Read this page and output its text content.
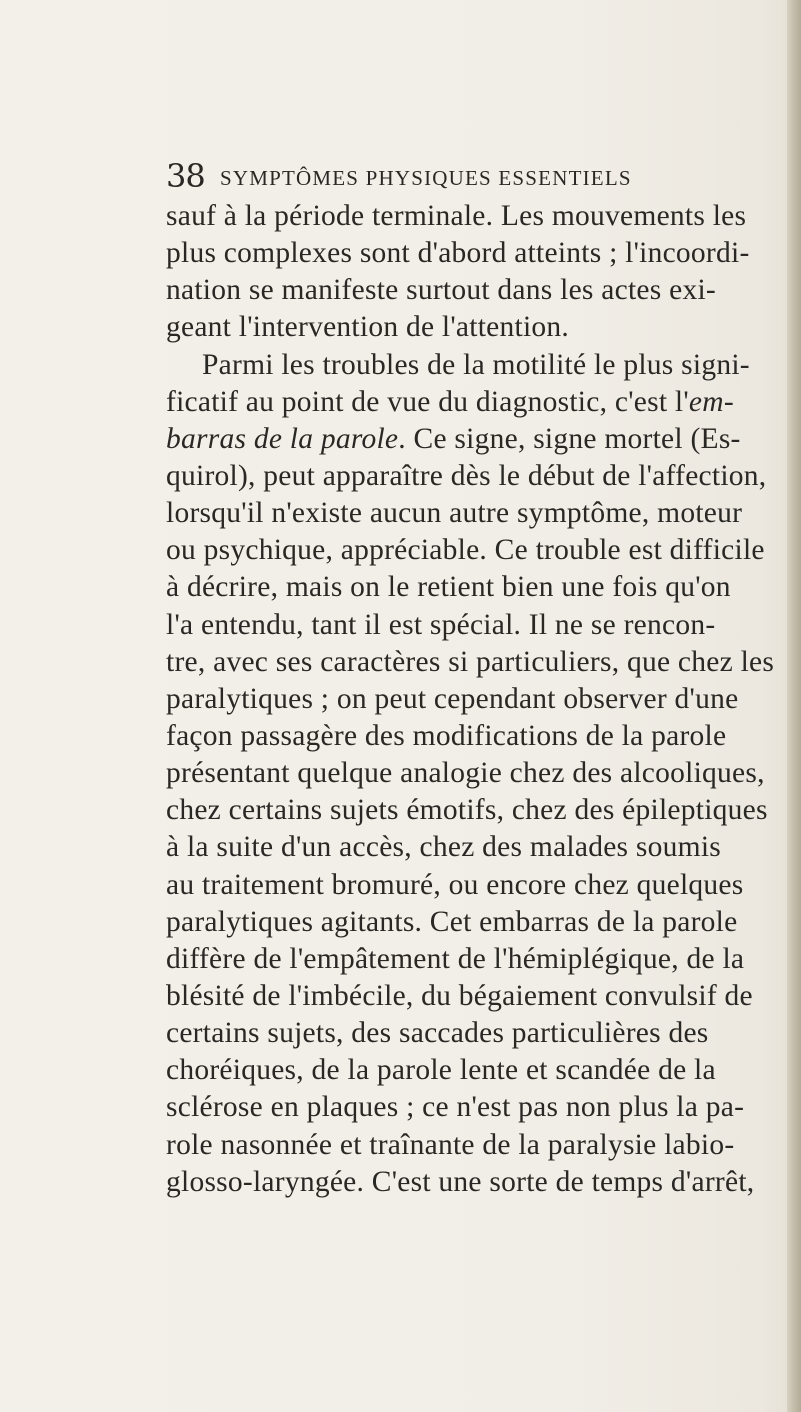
38 SYMPTÔMES PHYSIQUES ESSENTIELS
sauf à la période terminale. Les mouvements les
plus complexes sont d'abord atteints ; l'incoordi-
nation se manifeste surtout dans les actes exi-
geant l'intervention de l'attention.
Parmi les troubles de la motilité le plus signi-
ficatif au point de vue du diagnostic, c'est l'em-
barras de la parole. Ce signe, signe mortel (Es-
quirol), peut apparaître dès le début de l'affection,
lorsqu'il n'existe aucun autre symptôme, moteur
ou psychique, appréciable. Ce trouble est difficile
à décrire, mais on le retient bien une fois qu'on
l'a entendu, tant il est spécial. Il ne se rencon-
tre, avec ses caractères si particuliers, que chez les
paralytiques ; on peut cependant observer d'une
façon passagère des modifications de la parole
présentant quelque analogie chez des alcooliques,
chez certains sujets émotifs, chez des épileptiques
à la suite d'un accès, chez des malades soumis
au traitement bromuré, ou encore chez quelques
paralytiques agitants. Cet embarras de la parole
diffère de l'empâtement de l'hémiplégique, de la
blésité de l'imbécile, du bégaiement convulsif de
certains sujets, des saccades particulières des
choréiques, de la parole lente et scandée de la
sclérose en plaques ; ce n'est pas non plus la pa-
role nasonnée et traînante de la paralysie labio-
glosso-laryngée. C'est une sorte de temps d'arrêt,
